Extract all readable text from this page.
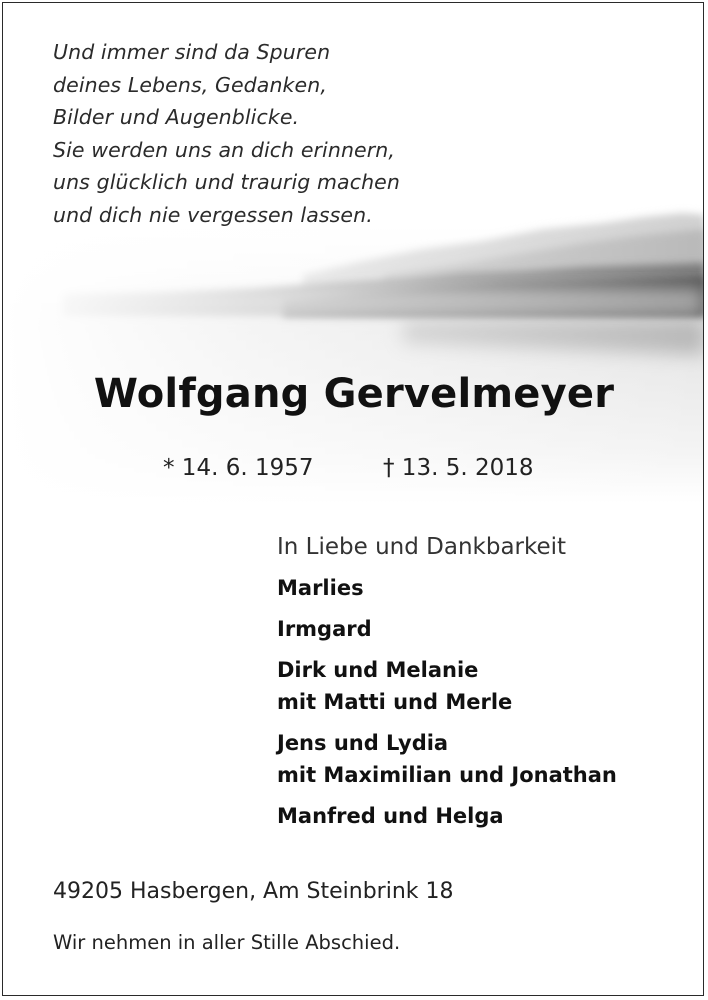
Und immer sind da Spuren
deines Lebens, Gedanken,
Bilder und Augenblicke.
Sie werden uns an dich erinnern,
uns glücklich und traurig machen
und dich nie vergessen lassen.
Wolfgang Gervelmeyer
* 14. 6. 1957	† 13. 5. 2018
In Liebe und Dankbarkeit
Marlies
Irmgard
Dirk und Melanie
mit Matti und Merle
Jens und Lydia
mit Maximilian und Jonathan
Manfred und Helga
49205 Hasbergen, Am Steinbrink 18
Wir nehmen in aller Stille Abschied.
